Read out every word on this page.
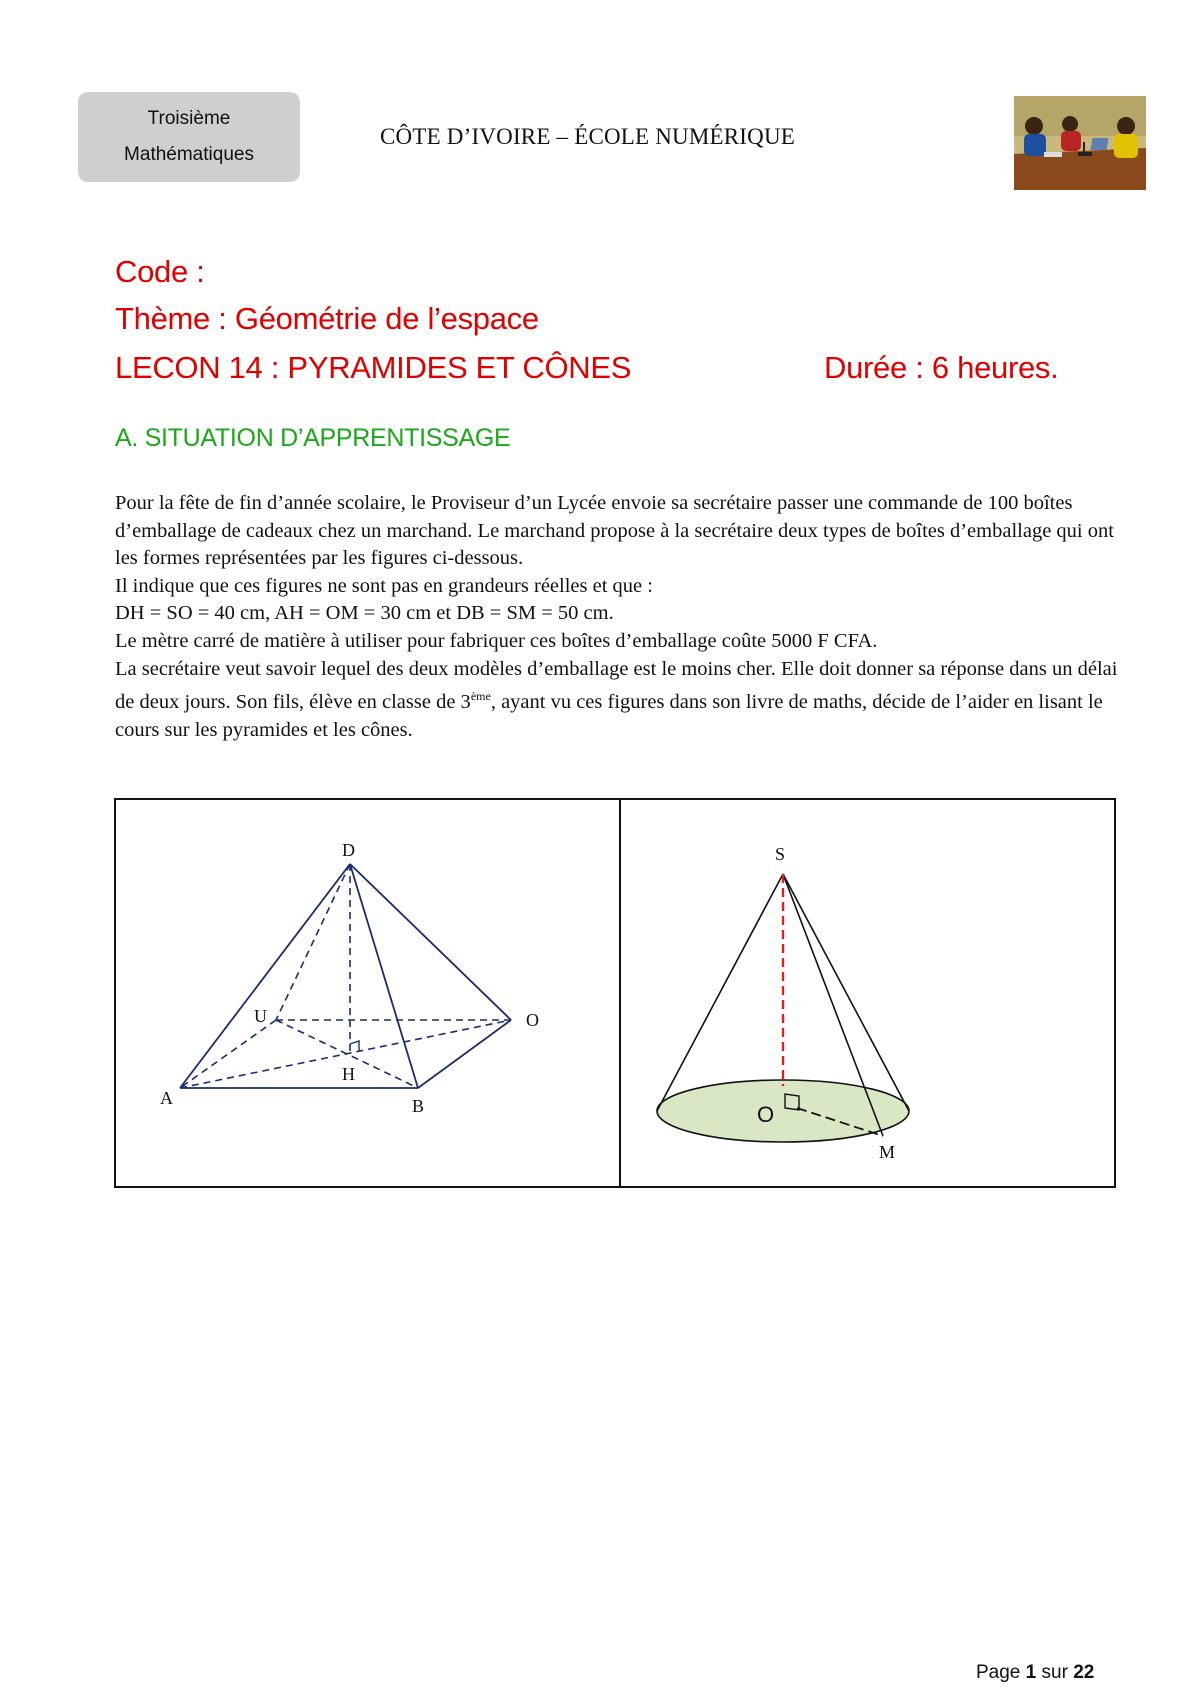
Troisième
Mathématiques
CÔTE D’IVOIRE – ÉCOLE NUMÉRIQUE
Code :
Thème : Géométrie de l’espace
LECON 14 : PYRAMIDES ET CÔNES	Durée : 6 heures.
A. SITUATION D’APPRENTISSAGE

Pour la fête de fin d’année scolaire, le Proviseur d’un Lycée envoie sa secrétaire passer une commande de 100 boîtes d’emballage de cadeaux chez un marchand. Le marchand propose à la secrétaire deux types de boîtes d’emballage qui ont les formes représentées par les figures ci-dessous.

Il indique que ces figures ne sont pas en grandeurs réelles et que :

DH = SO = 40 cm, AH = OM = 30 cm et DB = SM = 50 cm.

Le mètre carré de matière à utiliser pour fabriquer ces boîtes d’emballage coûte 5000 F CFA.

La secrétaire veut savoir lequel des deux modèles d’emballage est le moins cher. Elle doit donner sa réponse dans un délai de deux jours. Son fils, élève en classe de 3ème, ayant vu ces figures dans son livre de maths, décide de l’aider en lisant le cours sur les pyramides et les cônes.

D
U	O
H
A	B
S
M
O
Page 1 sur 22
